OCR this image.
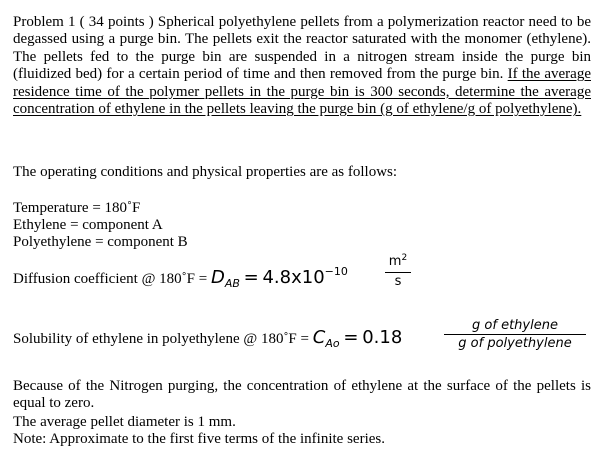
Problem 1 ( 34 points ) Spherical polyethylene pellets from a polymerization reactor need to be degassed using a purge bin. The pellets exit the reactor saturated with the monomer (ethylene). The pellets fed to the purge bin are suspended in a nitrogen stream inside the purge bin (fluidized bed) for a certain period of time and then removed from the purge bin. If the average residence time of the polymer pellets in the purge bin is 300 seconds, determine the average concentration of ethylene in the pellets leaving the purge bin (g of ethylene/g of polyethylene).

The operating conditions and physical properties are as follows:
Temperature = 180˚F
Ethylene = component A
Polyethylene = component B
Diffusion coefficient @ 180˚F = $D_{AB} = 4.8x10^{-10}$
$m^2$
s
Solubility of ethylene in polyethylene @ 180˚F = $C_{Ao} = 0.18$
g of ethylene
g of polyethylene

Because of the Nitrogen purging, the concentration of ethylene at the surface of the pellets is equal to zero.

The average pellet diameter is 1 mm.
Note: Approximate to the first five terms of the infinite series.
